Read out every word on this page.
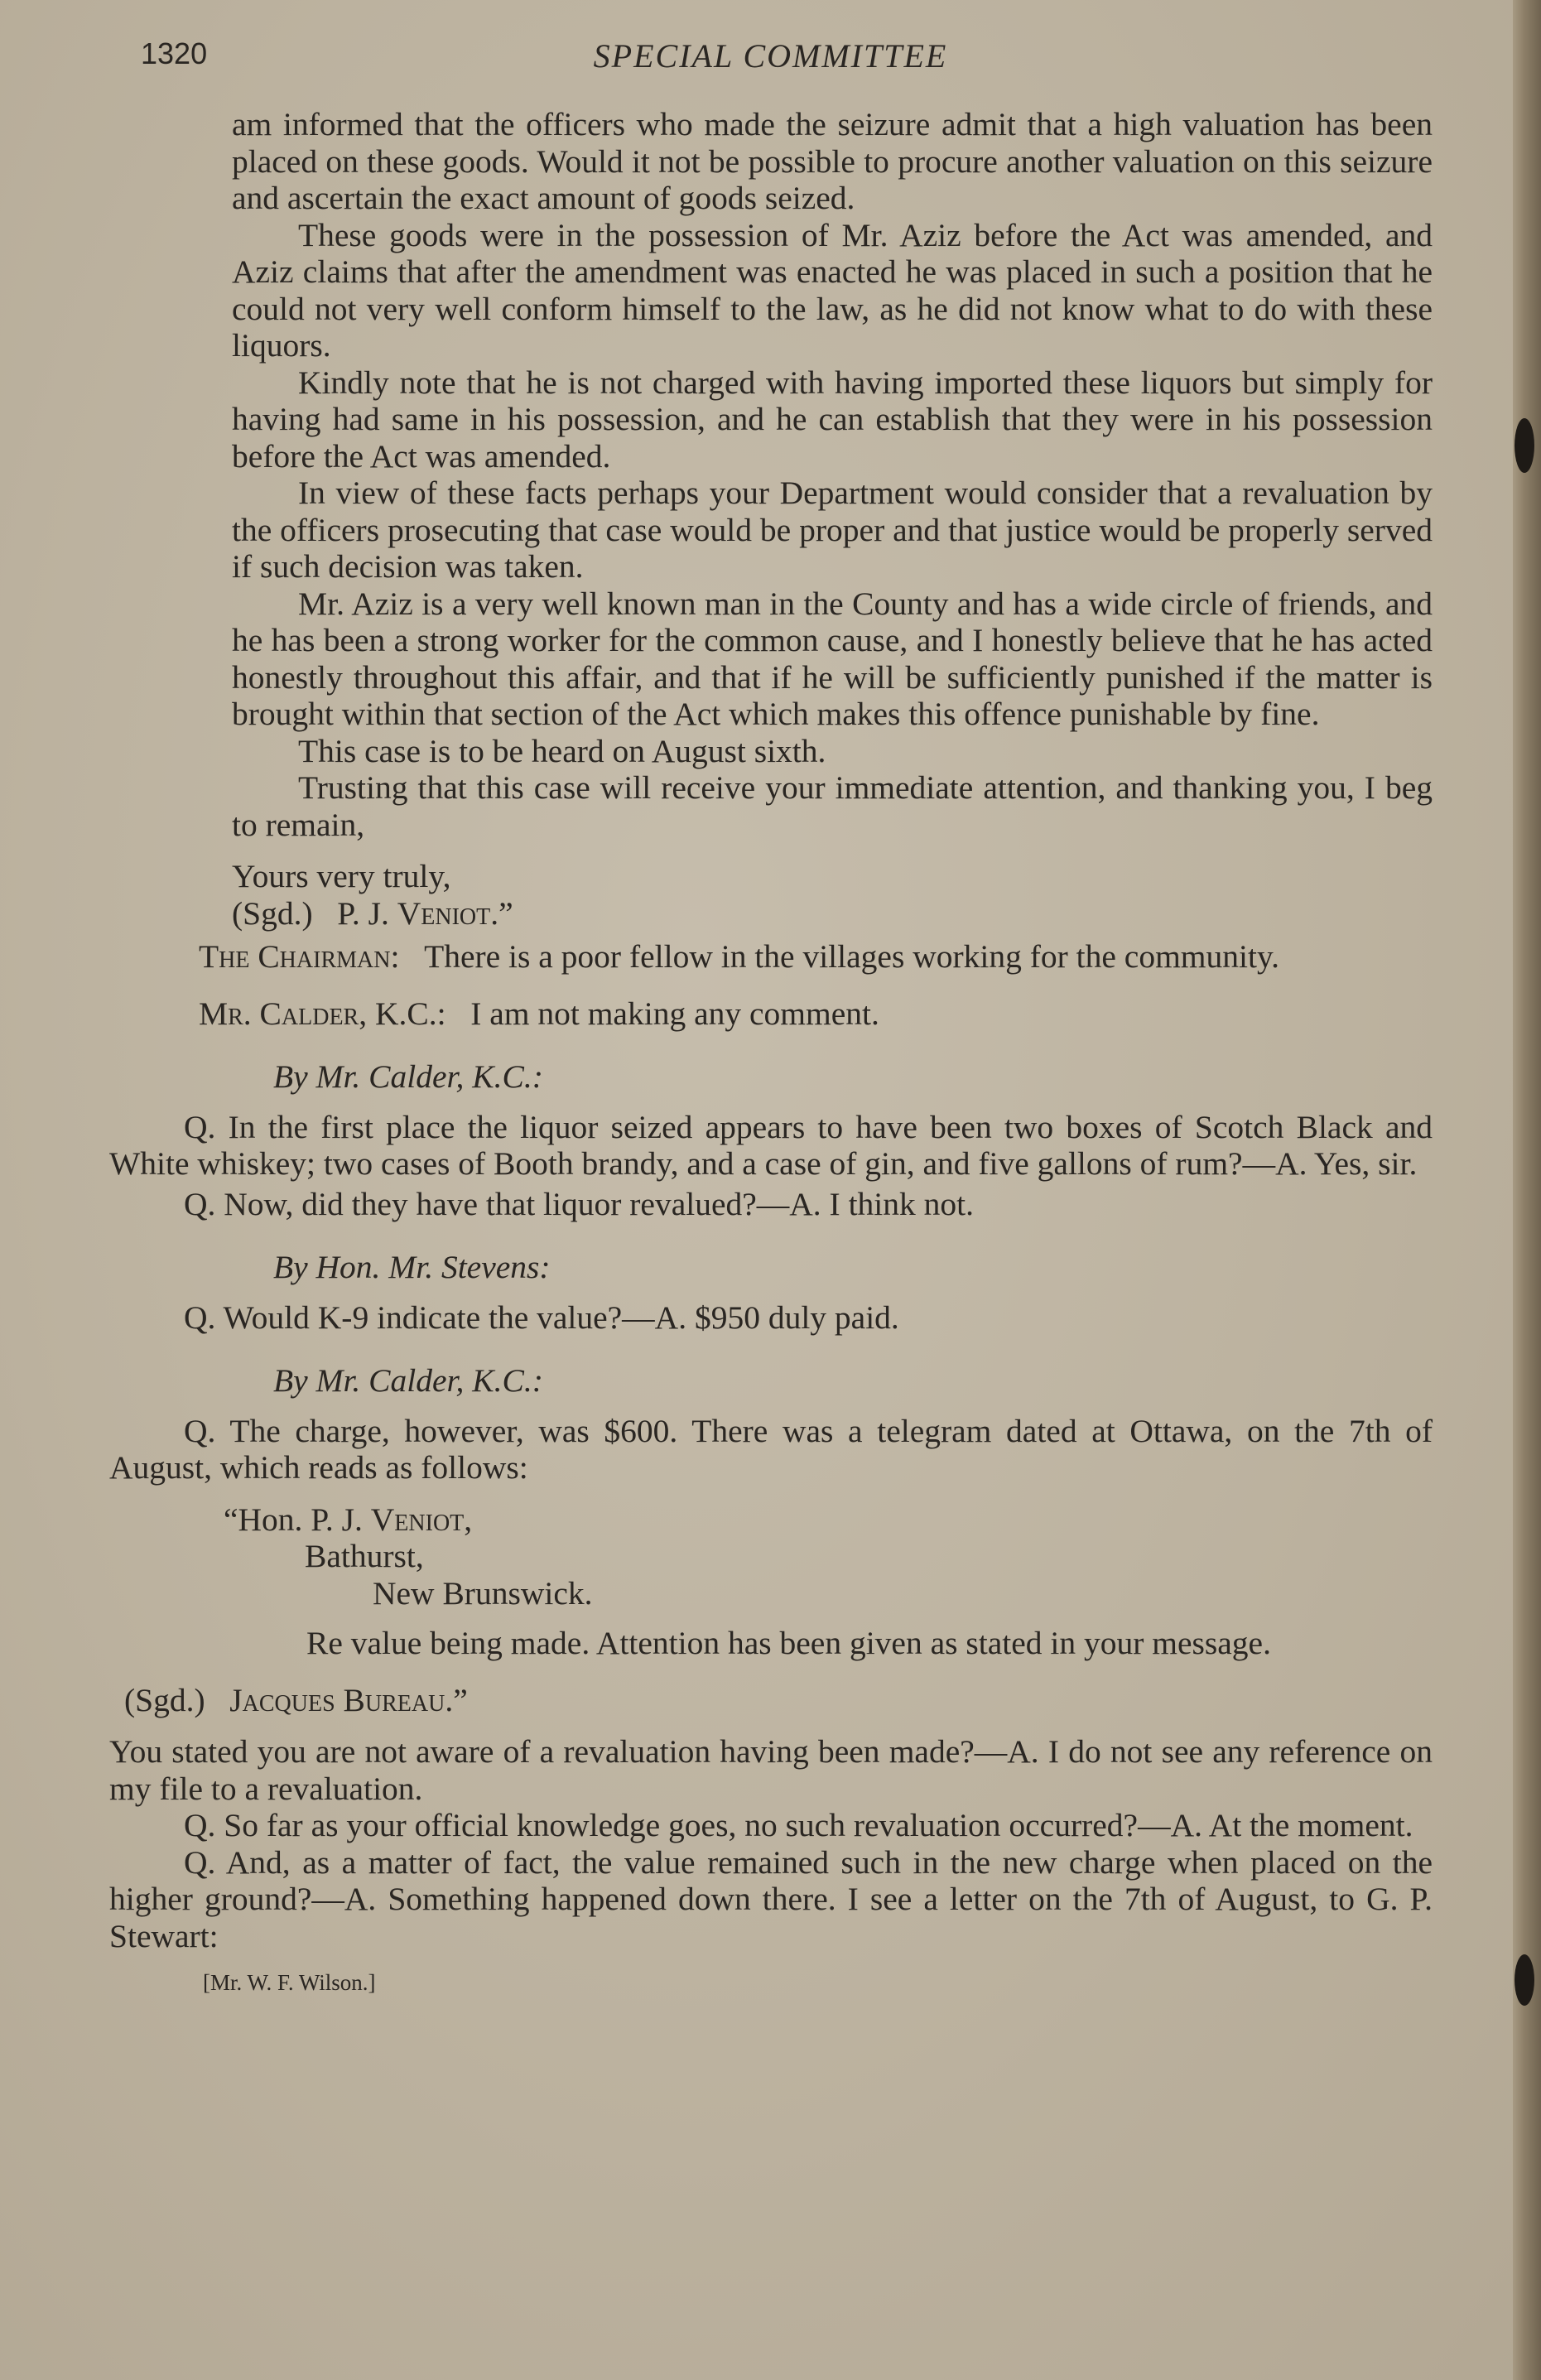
1320	SPECIAL COMMITTEE

am informed that the officers who made the seizure admit that a high valuation has been placed on these goods. Would it not be possible to procure another valuation on this seizure and ascertain the exact amount of goods seized.

These goods were in the possession of Mr. Aziz before the Act was amended, and Aziz claims that after the amendment was enacted he was placed in such a position that he could not very well conform himself to the law, as he did not know what to do with these liquors.

Kindly note that he is not charged with having imported these liquors but simply for having had same in his possession, and he can establish that they were in his possession before the Act was amended.

In view of these facts perhaps your Department would consider that a revaluation by the officers prosecuting that case would be proper and that justice would be properly served if such decision was taken.

Mr. Aziz is a very well known man in the County and has a wide circle of friends, and he has been a strong worker for the common cause, and I honestly believe that he has acted honestly throughout this affair, and that if he will be sufficiently punished if the matter is brought within that section of the Act which makes this offence punishable by fine.

This case is to be heard on August sixth.

Trusting that this case will receive your immediate attention, and thanking you, I beg to remain,

Yours very truly,

(Sgd.) P. J. Veniot.”

The Chairman: There is a poor fellow in the villages working for the community.

Mr. Calder, K.C.: I am not making any comment.

By Mr. Calder, K.C.:

Q. In the first place the liquor seized appears to have been two boxes of Scotch Black and White whiskey; two cases of Booth brandy, and a case of gin, and five gallons of rum?—A. Yes, sir.

Q. Now, did they have that liquor revalued?—A. I think not.

By Hon. Mr. Stevens:

Q. Would K-9 indicate the value?—A. $950 duly paid.

By Mr. Calder, K.C.:

Q. The charge, however, was $600. There was a telegram dated at Ottawa, on the 7th of August, which reads as follows:

“Hon. P. J. Veniot,

Bathurst,

New Brunswick.

Re value being made. Attention has been given as stated in your message.

(Sgd.) Jacques Bureau.”

You stated you are not aware of a revaluation having been made?—A. I do not see any reference on my file to a revaluation.

Q. So far as your official knowledge goes, no such revaluation occurred?—A. At the moment.

Q. And, as a matter of fact, the value remained such in the new charge when placed on the higher ground?—A. Something happened down there. I see a letter on the 7th of August, to G. P. Stewart:

[Mr. W. F. Wilson.]
